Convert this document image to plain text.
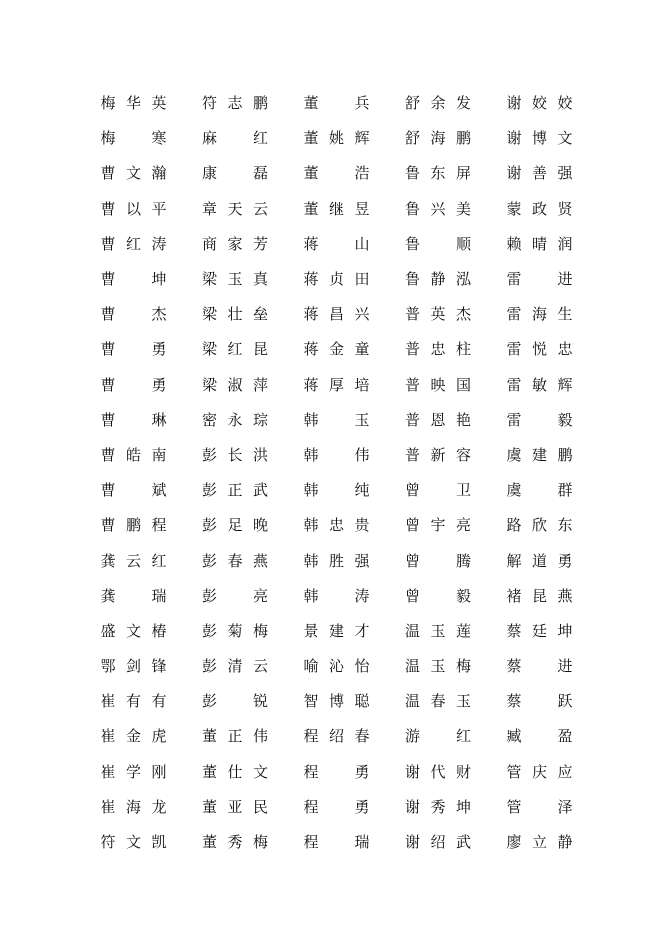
梅 华 英 符 志 鹏 董
　 兵 舒 余 发 谢 姣 姣
梅
　 寒 麻
　 红 董 姚 辉 舒 海 鹏 谢 博 文
曹 文 瀚 康
　 磊 董
　 浩 鲁 东 屏 谢 善 强
曹 以 平 章 天 云 董 继 昱 鲁 兴 美 蒙 政 贤
曹 红 涛 商 家 芳 蒋
　 山 鲁
　 顺 赖 晴 润
曹
　 坤 梁 玉 真 蒋 贞 田 鲁 静 泓 雷
　 进
曹
　 杰 梁 壮 垒 蒋 昌 兴 普 英 杰 雷 海 生
曹
　 勇 梁 红 昆 蒋 金 童 普 忠 柱 雷 悦 忠
曹
　 勇 梁 淑 萍 蒋 厚 培 普 映 国 雷 敏 辉
曹
　 琳 密 永 琮 韩
　 玉 普 恩 艳 雷
　 毅
曹 皓 南 彭 长 洪 韩
　 伟 普 新 容 虞 建 鹏
曹
　 斌 彭 正 武 韩
　 纯 曾
　 卫 虞
　 群
曹 鹏 程 彭 足 晚 韩 忠 贵 曾 宇 亮 路 欣 东
龚 云 红 彭 春 燕 韩 胜 强 曾
　 腾 解 道 勇
龚
　 瑞 彭
　 亮 韩
　 涛 曾
　 毅 褚 昆 燕
盛 文 椿 彭 菊 梅 景 建 才 温 玉 莲 蔡 廷 坤
鄂 剑 锋 彭 清 云 喻 沁 怡 温 玉 梅 蔡
　 进
崔 有 有 彭
　 锐 智 博 聪 温 春 玉 蔡
　 跃
崔 金 虎 董 正 伟 程 绍 春 游
　 红 臧
　 盈
崔 学 刚 董 仕 文 程
　 勇 谢 代 财 管 庆 应
崔 海 龙 董 亚 民 程
　 勇 谢 秀 坤 管
　 泽
符 文 凯 董 秀 梅 程
　 瑞 谢 绍 武 廖 立 静
